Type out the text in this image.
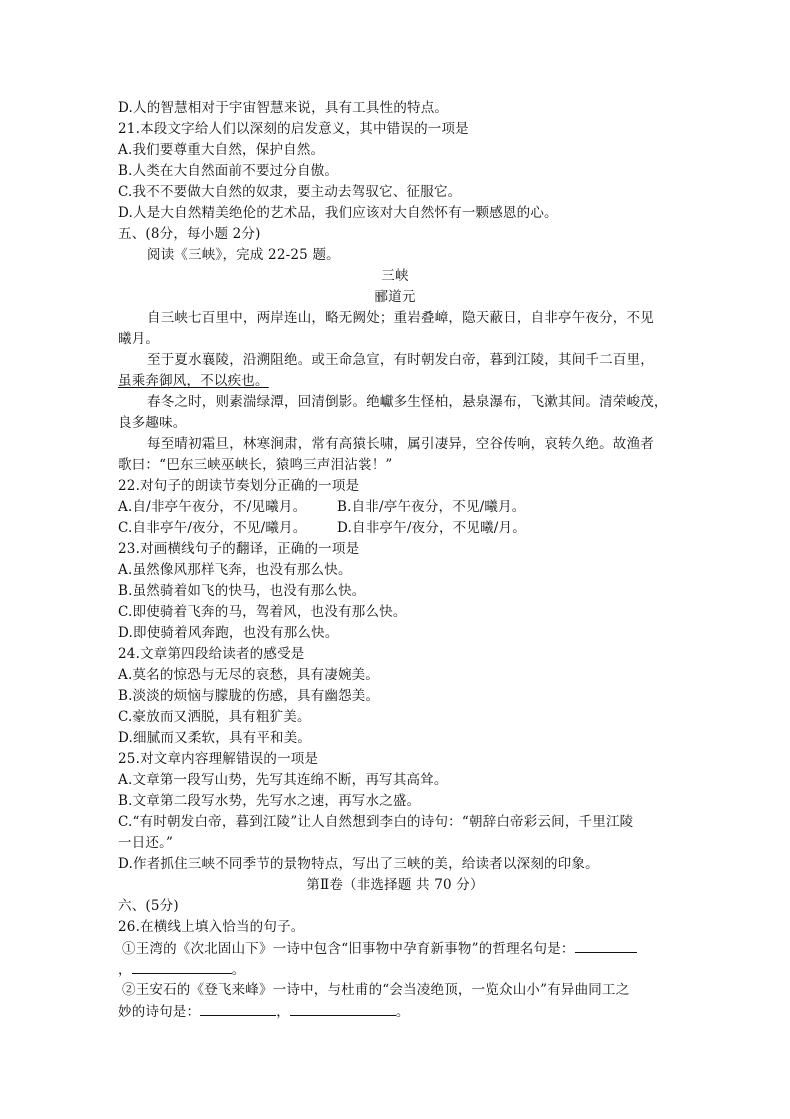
D.人的智慧相对于宇宙智慧来说，具有工具性的特点。
21.本段文字给人们以深刻的启发意义，其中错误的一项是
A.我们要尊重大自然，保护自然。
B.人类在大自然面前不要过分自傲。
C.我不不要做大自然的奴隶，要主动去驾驭它、征服它。
D.人是大自然精美绝伦的艺术品，我们应该对大自然怀有一颗感恩的心。
五、(8分，每小题 2分)
阅读《三峡》，完成 22-25 题。
三峡
郦道元
自三峡七百里中，两岸连山，略无阙处；重岩叠嶂，隐天蔽日，自非亭午夜分，不见
曦月。
至于夏水襄陵，沿溯阻绝。或王命急宣，有时朝发白帝，暮到江陵，其间千二百里，
虽乘奔御风，不以疾也。
春冬之时，则素湍绿潭，回清倒影。绝巘多生怪柏，悬泉瀑布，飞漱其间。清荣峻茂，
良多趣味。
每至晴初霜旦，林寒涧肃，常有高猿长啸，属引凄异，空谷传响，哀转久绝。故渔者
歌曰：“巴东三峡巫峡长，猿鸣三声泪沾裳！”
22.对句子的朗读节奏划分正确的一项是
A.自/非亭午夜分，不/见曦月。 B.自非/亭午夜分，不见/曦月。
C.自非亭午/夜分，不见/曦月。 D.自非亭午/夜分，不见曦/月。
23.对画横线句子的翻译，正确的一项是
A.虽然像风那样飞奔，也没有那么快。
B.虽然骑着如飞的快马，也没有那么快。
C.即使骑着飞奔的马，驾着风，也没有那么快。
D.即使骑着风奔跑，也没有那么快。
24.文章第四段给读者的感受是
A.莫名的惊恐与无尽的哀愁，具有凄婉美。
B.淡淡的烦恼与朦胧的伤感，具有幽怨美。
C.豪放而又洒脱，具有粗犷美。
D.细腻而又柔软，具有平和美。
25.对文章内容理解错误的一项是
A.文章第一段写山势，先写其连绵不断，再写其高耸。
B.文章第二段写水势，先写水之速，再写水之盛。
C.“有时朝发白帝，暮到江陵”让人自然想到李白的诗句：“朝辞白帝彩云间，千里江陵
一日还。”
D.作者抓住三峡不同季节的景物特点，写出了三峡的美，给读者以深刻的印象。
第Ⅱ卷（非选择题 共 70 分）
六、(5分)
26.在横线上填入恰当的句子。
①王湾的《次北固山下》一诗中包含“旧事物中孕育新事物”的哲理名句是：
，	。
②王安石的《登飞来峰》一诗中，与杜甫的“会当凌绝顶，一览众山小”有异曲同工之
妙的诗句是：	，	。
